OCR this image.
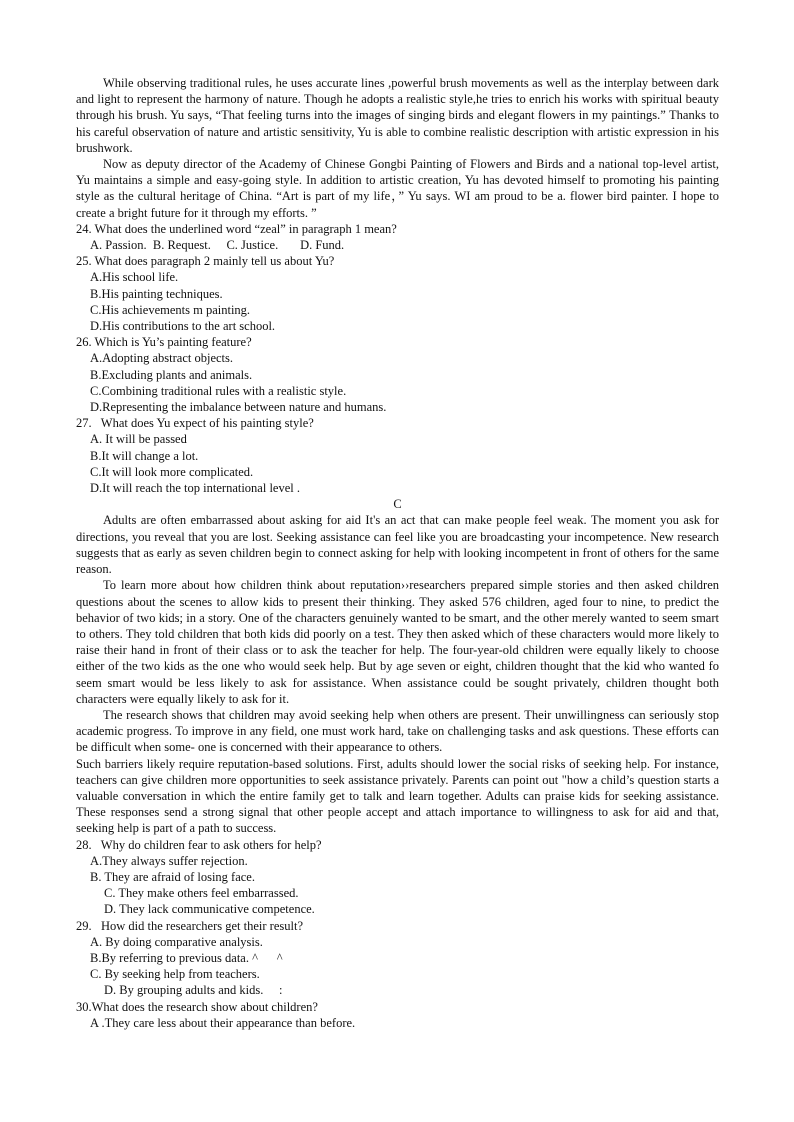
While observing traditional rules, he uses accurate lines ,powerful brush movements as well as the interplay between dark and light to represent the harmony of nature. Though he adopts a realistic style,he tries to enrich his works with spiritual beauty through his brush. Yu says, “That feeling turns into the images of singing birds and elegant flowers in my paintings.” Thanks to his careful observation of nature and artistic sensitivity, Yu is able to combine realistic description with artistic expression in his brushwork.

Now as deputy director of the Academy of Chinese Gongbi Painting of Flowers and Birds and a national top-level artist, Yu maintains a simple and easy-going style. In addition to artistic creation, Yu has devoted himself to promoting his painting style as the cultural heritage of China. “Art is part of my life，” Yu says. WI am proud to be a. flower bird painter. I hope to create a bright future for it through my efforts. ”

24. What does the underlined word “zeal” in paragraph 1 mean?

A. Passion.  B. Request.     C. Justice.       D. Fund.

25. What does paragraph 2 mainly tell us about Yu?

A.His school life.

B.His painting techniques.

C.His achievements m painting.

D.His contributions to the art school.

26. Which is Yu’s painting feature?

A.Adopting abstract objects.

B.Excluding plants and animals.

C.Combining traditional rules with a realistic style.

D.Representing the imbalance between nature and humans.

27.   What does Yu expect of his painting style?

A. It will be passed

B.It will change a lot.

C.It will look more complicated.

D.It will reach the top international level .

C

Adults are often embarrassed about asking for aid It's an act that can make people feel weak. The moment you ask for directions, you reveal that you are lost. Seeking assistance can feel like you are broadcasting your incompetence. New research suggests that as early as seven children begin to connect asking for help with looking incompetent in front of others for the same reason.

To learn more about how children think about reputation››researchers prepared simple stories and then asked children questions about the scenes to allow kids to present their thinking. They asked 576 children, aged four to nine, to predict the behavior of two kids; in a story. One of the characters genuinely wanted to be smart, and the other merely wanted to seem smart to others. They told children that both kids did poorly on a test. They then asked which of these characters would more likely to raise their hand in front of their class or to ask the teacher for help. The four-year-old children were equally likely to choose either of the two kids as the one who would seek help. But by age seven or eight, children thought that the kid who wanted fo seem smart would be less likely to ask for assistance. When assistance could be sought privately, children thought both characters were equally likely to ask for it.

The research shows that children may avoid seeking help when others are present. Their unwillingness can seriously stop academic progress. To improve in any field, one must work hard, take on challenging tasks and ask questions. These efforts can be difficult when some- one is concerned with their appearance to others.

Such barriers likely require reputation-based solutions. First, adults should lower the social risks of seeking help. For instance, teachers can give children more opportunities to seek assistance privately. Parents can point out "how a child’s question starts a valuable conversation in which the entire family get to talk and learn together. Adults can praise kids for seeking assistance. These responses send a strong signal that other people accept and attach importance to willingness to ask for aid and that, seeking help is part of a path to success.

28.   Why do children fear to ask others for help?

A.They always suffer rejection.

B. They are afraid of losing face.

C. They make others feel embarrassed.

D. They lack communicative competence.

29.   How did the researchers get their result?

A. By doing comparative analysis.

B.By referring to previous data. ^      ^

C. By seeking help from teachers.

D. By grouping adults and kids.     :

30.What does the research show about children?

A .They care less about their appearance than before.
